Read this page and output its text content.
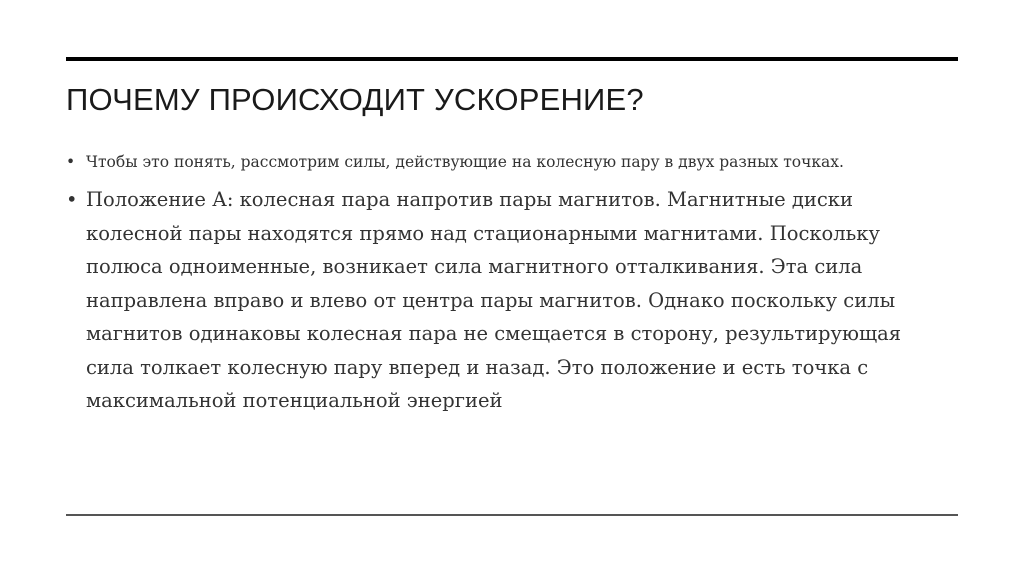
ПОЧЕМУ ПРОИСХОДИТ УСКОРЕНИЕ?
• Чтобы это понять, рассмотрим силы, действующие на колесную пару в двух разных точках.
• Положение А: колесная пара напротив пары магнитов. Магнитные диски колесной пары находятся прямо над стационарными магнитами. Поскольку полюса одноименные, возникает сила магнитного отталкивания. Эта сила направлена вправо и влево от центра пары магнитов. Однако поскольку силы магнитов одинаковы колесная пара не смещается в сторону, результирующая сила толкает колесную пару вперед и назад. Это положение и есть точка с максимальной потенциальной энергией
